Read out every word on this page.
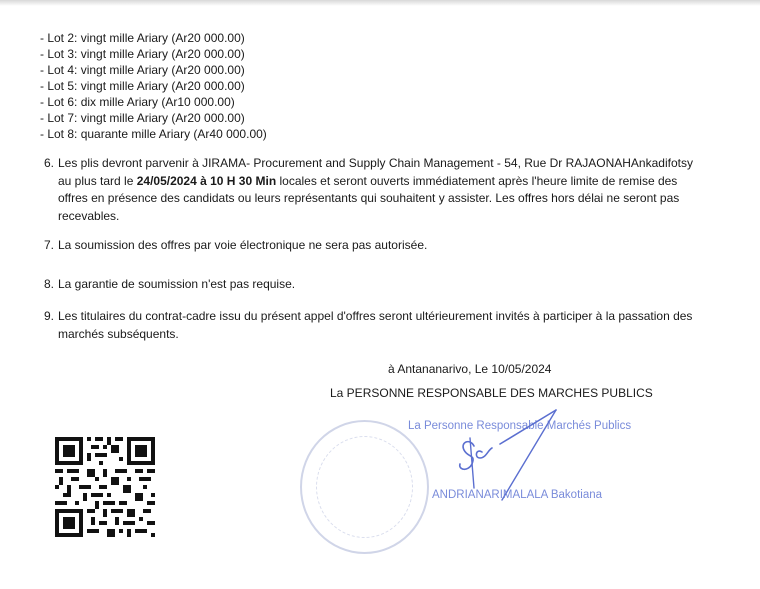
- Lot 2: vingt mille Ariary (Ar20 000.00)
- Lot 3: vingt mille Ariary (Ar20 000.00)
- Lot 4: vingt mille Ariary (Ar20 000.00)
- Lot 5: vingt mille Ariary (Ar20 000.00)
- Lot 6: dix mille Ariary (Ar10 000.00)
- Lot 7: vingt mille Ariary (Ar20 000.00)
- Lot 8: quarante mille Ariary (Ar40 000.00)
6. Les plis devront parvenir à JIRAMA- Procurement and Supply Chain Management - 54, Rue Dr RAJAONAHAnkadifotsy au plus tard le 24/05/2024 à 10 H 30 Min locales et seront ouverts immédiatement après l'heure limite de remise des offres en présence des candidats ou leurs représentants qui souhaitent y assister. Les offres hors délai ne seront pas recevables.
7. La soumission des offres par voie électronique ne sera pas autorisée.
8. La garantie de soumission n'est pas requise.
9. Les titulaires du contrat-cadre issu du présent appel d'offres seront ultérieurement invités à participer à la passation des marchés subséquents.
à Antananarivo, Le 10/05/2024
La PERSONNE RESPONSABLE DES MARCHES PUBLICS
La Personne Responsable Marchés Publics
ANDRIANARIMALALA Bakotiana
